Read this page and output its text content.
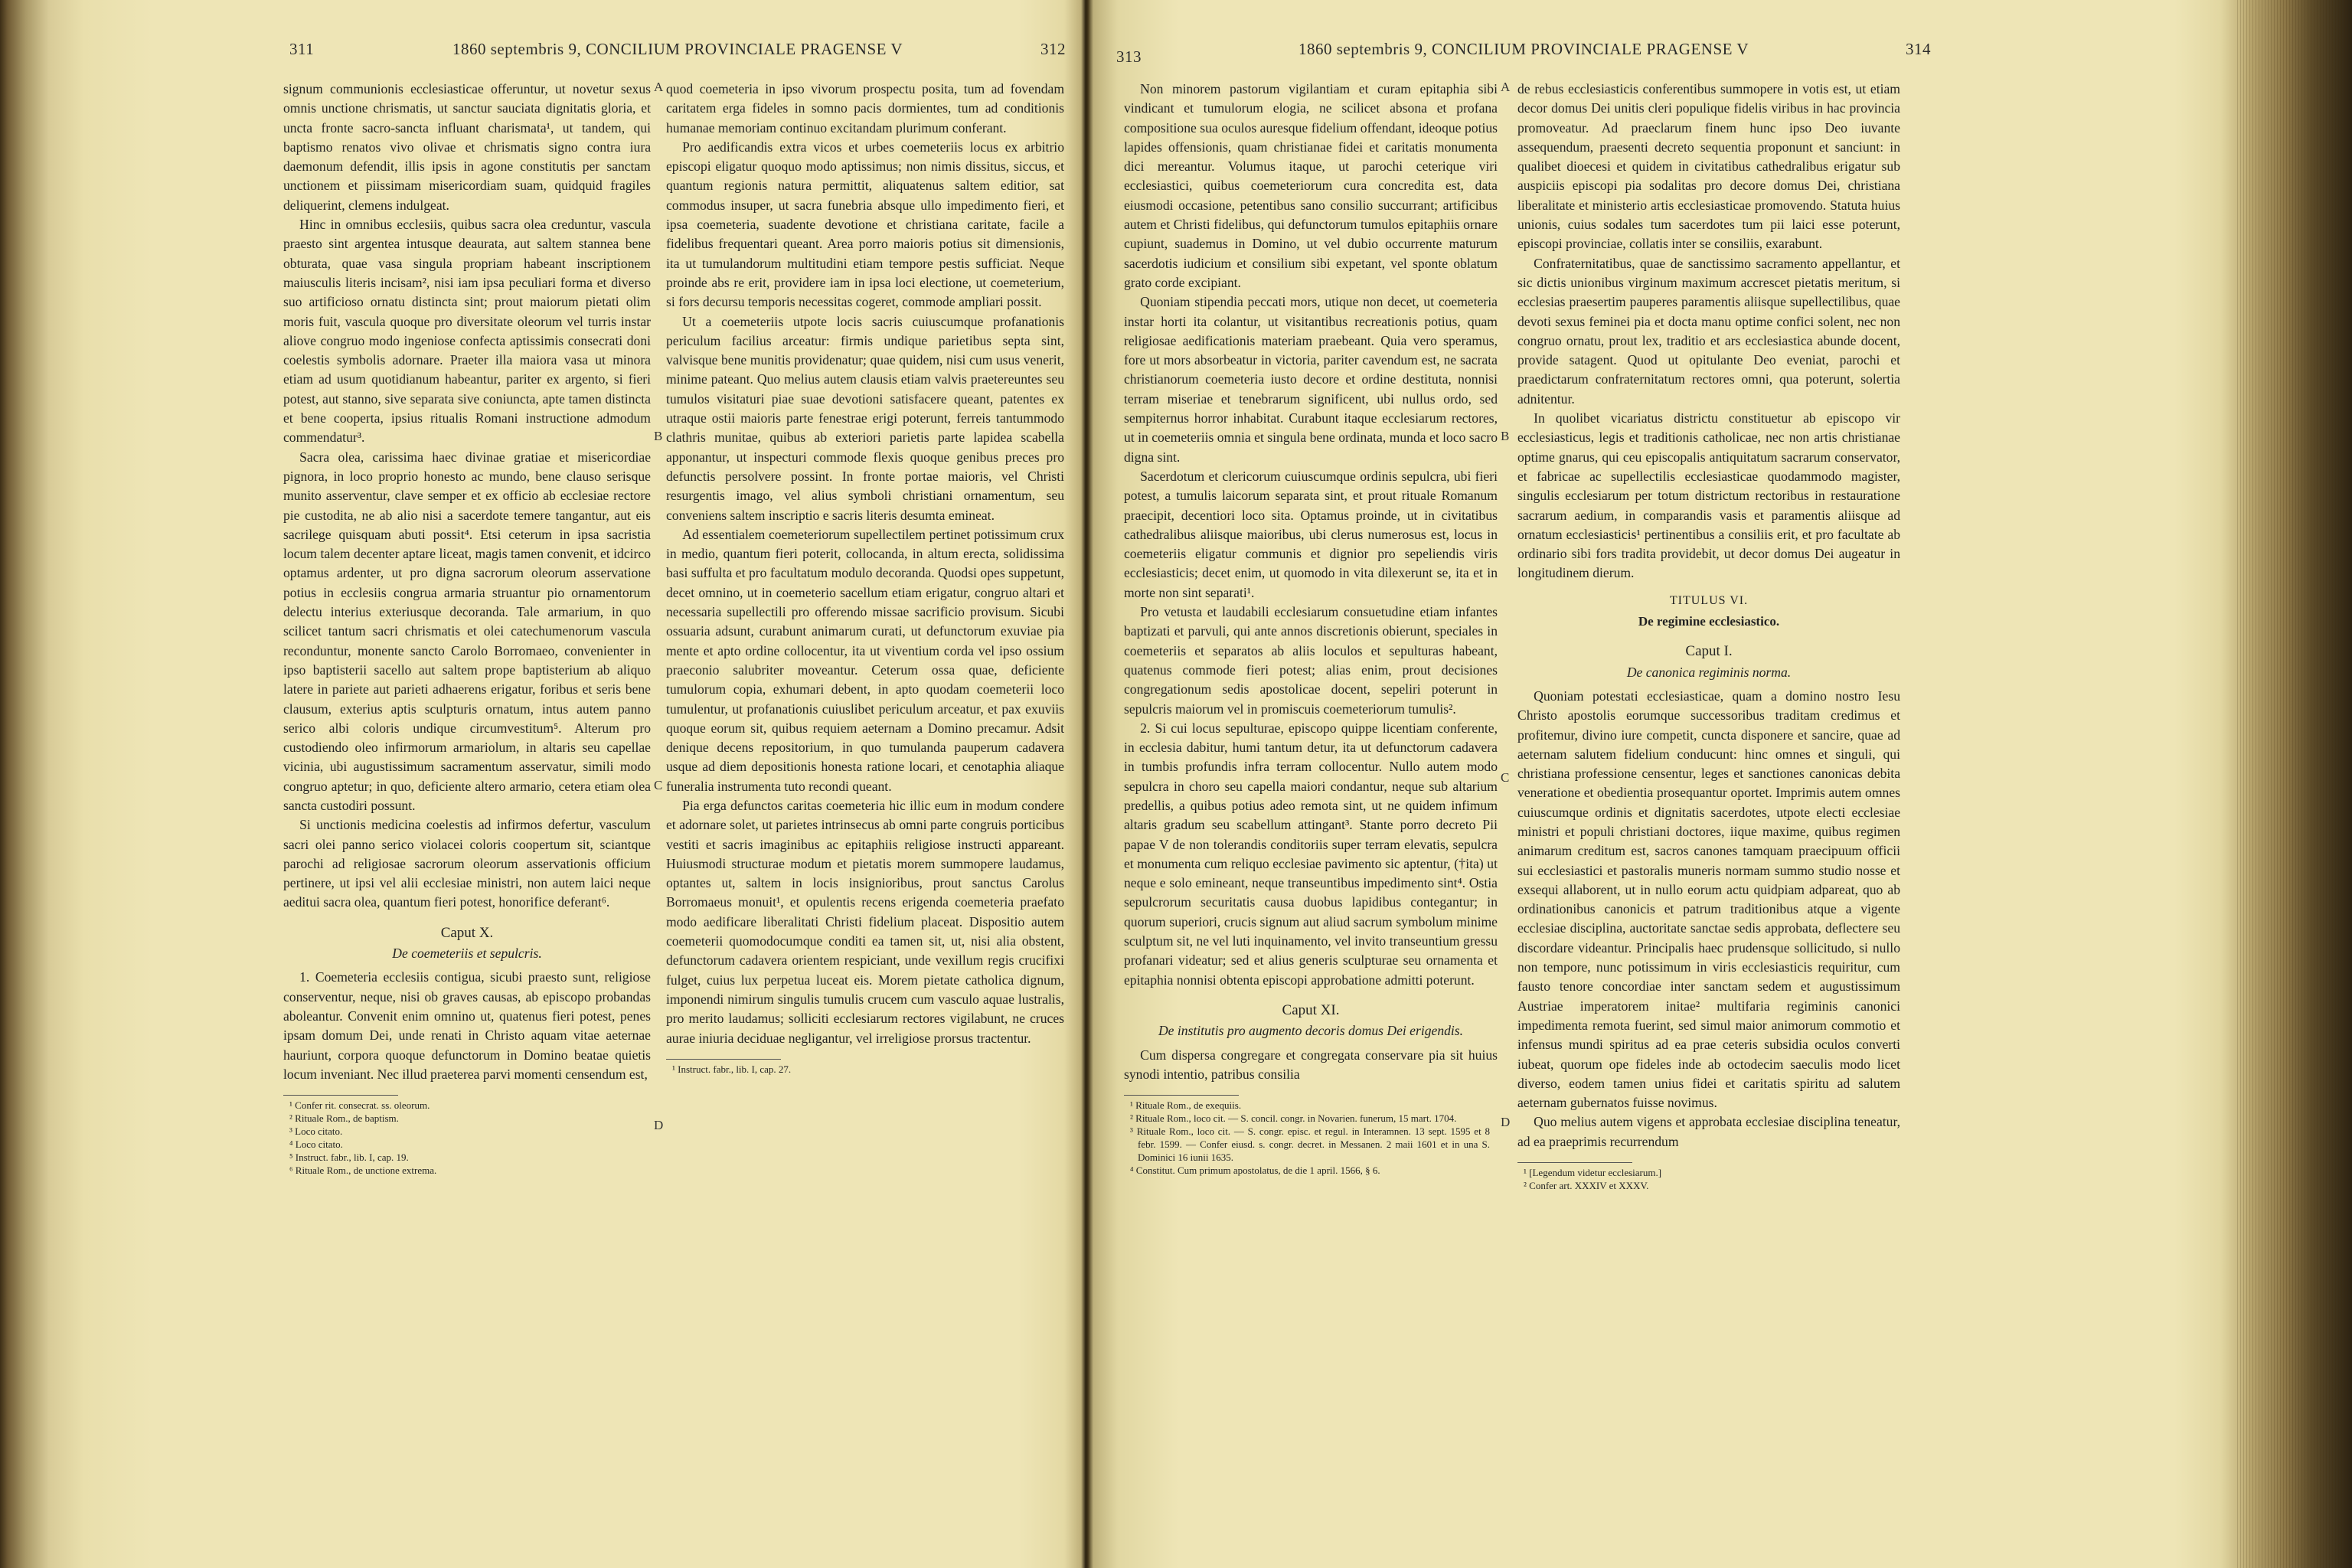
311	1860 septembris 9, CONCILIUM PROVINCIALE PRAGENSE V	312

signum communionis ecclesiasticae offeruntur, ut novetur sexus omnis unctione chrismatis, ut sanctur sauciata dignitatis gloria, et uncta fronte sacro-sancta influant charismata¹, ut tandem, qui baptismo renatos vivo olivae et chrismatis signo contra iura daemonum defendit, illis ipsis in agone constitutis per sanctam unctionem et piissimam misericordiam suam, quidquid fragiles deliquerint, clemens indulgeat.

Hinc in omnibus ecclesiis, quibus sacra olea creduntur, vascula praesto sint argentea intusque deaurata, aut saltem stannea bene obturata, quae vasa singula propriam habeant inscriptionem maiusculis literis incisam², nisi iam ipsa peculiari forma et diverso suo artificioso ornatu distincta sint; prout maiorum pietati olim moris fuit, vascula quoque pro diversitate oleorum vel turris instar aliove congruo modo ingeniose confecta aptissimis consecrati doni coelestis symbolis adornare. Praeter illa maiora vasa ut minora etiam ad usum quotidianum habeantur, pariter ex argento, si fieri potest, aut stanno, sive separata sive coniuncta, apte tamen distincta et bene cooperta, ipsius ritualis Romani instructione admodum commendatur³.

Sacra olea, carissima haec divinae gratiae et misericordiae pignora, in loco proprio honesto ac mundo, bene clauso serisque munito asserventur, clave semper et ex officio ab ecclesiae rectore pie custodita, ne ab alio nisi a sacerdote temere tangantur, aut eis sacrilege quisquam abuti possit⁴. Etsi ceterum in ipsa sacristia locum talem decenter aptare liceat, magis tamen convenit, et idcirco optamus ardenter, ut pro digna sacrorum oleorum asservatione potius in ecclesiis congrua armaria struantur pio ornamentorum delectu interius exteriusque decoranda. Tale armarium, in quo scilicet tantum sacri chrismatis et olei catechumenorum vascula reconduntur, monente sancto Carolo Borromaeo, convenienter in ipso baptisterii sacello aut saltem prope baptisterium ab aliquo latere in pariete aut parieti adhaerens erigatur, foribus et seris bene clausum, exterius aptis sculpturis ornatum, intus autem panno serico albi coloris undique circumvestitum⁵. Alterum pro custodiendo oleo infirmorum armariolum, in altaris seu capellae vicinia, ubi augustissimum sacramentum asservatur, simili modo congruo aptetur; in quo, deficiente altero armario, cetera etiam olea sancta custodiri possunt.

Si unctionis medicina coelestis ad infirmos defertur, vasculum sacri olei panno serico violacei coloris coopertum sit, sciantque parochi ad religiosae sacrorum oleorum asservationis officium pertinere, ut ipsi vel alii ecclesiae ministri, non autem laici neque aeditui sacra olea, quantum fieri potest, honorifice deferant⁶.

Caput X.
De coemeteriis et sepulcris.

1. Coemeteria ecclesiis contigua, sicubi praesto sunt, religiose conserventur, neque, nisi ob graves causas, ab episcopo probandas aboleantur. Convenit enim omnino ut, quatenus fieri potest, penes ipsam domum Dei, unde renati in Christo aquam vitae aeternae hauriunt, corpora quoque defunctorum in Domino beatae quietis locum inveniant. Nec illud praeterea parvi momenti censendum est,

¹ Confer rit. consecrat. ss. oleorum.
² Rituale Rom., de baptism.
³ Loco citato.
⁴ Loco citato.
⁵ Instruct. fabr., lib. I, cap. 19.
⁶ Rituale Rom., de unctione extrema.
A
B
C
D

quod coemeteria in ipso vivorum prospectu posita, tum ad fovendam caritatem erga fideles in somno pacis dormientes, tum ad conditionis humanae memoriam continuo excitandam plurimum conferant.

Pro aedificandis extra vicos et urbes coemeteriis locus ex arbitrio episcopi eligatur quoquo modo aptissimus; non nimis dissitus, siccus, et quantum regionis natura permittit, aliquatenus saltem editior, sat commodus insuper, ut sacra funebria absque ullo impedimento fieri, et ipsa coemeteria, suadente devotione et christiana caritate, facile a fidelibus frequentari queant. Area porro maioris potius sit dimensionis, ita ut tumulandorum multitudini etiam tempore pestis sufficiat. Neque proinde abs re erit, providere iam in ipsa loci electione, ut coemeterium, si fors decursu temporis necessitas cogeret, commode ampliari possit.

Ut a coemeteriis utpote locis sacris cuiuscumque profanationis periculum facilius arceatur: firmis undique parietibus septa sint, valvisque bene munitis providenatur; quae quidem, nisi cum usus venerit, minime pateant. Quo melius autem clausis etiam valvis praetereuntes seu tumulos visitaturi piae suae devotioni satisfacere queant, patentes ex utraque ostii maioris parte fenestrae erigi poterunt, ferreis tantummodo clathris munitae, quibus ab exteriori parietis parte lapidea scabella apponantur, ut inspecturi commode flexis quoque genibus preces pro defunctis persolvere possint. In fronte portae maioris, vel Christi resurgentis imago, vel alius symboli christiani ornamentum, seu conveniens saltem inscriptio e sacris literis desumta emineat.

Ad essentialem coemeteriorum supellectilem pertinet potissimum crux in medio, quantum fieri poterit, collocanda, in altum erecta, solidissima basi suffulta et pro facultatum modulo decoranda. Quodsi opes suppetunt, decet omnino, ut in coemeterio sacellum etiam erigatur, congruo altari et necessaria supellectili pro offerendo missae sacrificio provisum. Sicubi ossuaria adsunt, curabunt animarum curati, ut defunctorum exuviae pia mente et apto ordine collocentur, ita ut viventium corda vel ipso ossium praeconio salubriter moveantur. Ceterum ossa quae, deficiente tumulorum copia, exhumari debent, in apto quodam coemeterii loco tumulentur, ut profanationis cuiuslibet periculum arceatur, et pax exuviis quoque eorum sit, quibus requiem aeternam a Domino precamur. Adsit denique decens repositorium, in quo tumulanda pauperum cadavera usque ad diem depositionis honesta ratione locari, et cenotaphia aliaque funeralia instrumenta tuto recondi queant.

Pia erga defunctos caritas coemeteria hic illic eum in modum condere et adornare solet, ut parietes intrinsecus ab omni parte congruis porticibus vestiti et sacris imaginibus ac epitaphiis religiose instructi appareant. Huiusmodi structurae modum et pietatis morem summopere laudamus, optantes ut, saltem in locis insignioribus, prout sanctus Carolus Borromaeus monuit¹, et opulentis recens erigenda coemeteria praefato modo aedificare liberalitati Christi fidelium placeat. Dispositio autem coemeterii quomodocumque conditi ea tamen sit, ut, nisi alia obstent, defunctorum cadavera orientem respiciant, unde vexillum regis crucifixi fulget, cuius lux perpetua luceat eis. Morem pietate catholica dignum, imponendi nimirum singulis tumulis crucem cum vasculo aquae lustralis, pro merito laudamus; solliciti ecclesiarum rectores vigilabunt, ne cruces aurae iniuria deciduae negligantur, vel irreligiose prorsus tractentur.

¹ Instruct. fabr., lib. I, cap. 27.
313	1860 septembris 9, CONCILIUM PROVINCIALE PRAGENSE V	314

Non minorem pastorum vigilantiam et curam epitaphia sibi vindicant et tumulorum elogia, ne scilicet absona et profana compositione sua oculos auresque fidelium offendant, ideoque potius lapides offensionis, quam christianae fidei et caritatis monumenta dici mereantur. Volumus itaque, ut parochi ceterique viri ecclesiastici, quibus coemeteriorum cura concredita est, data eiusmodi occasione, petentibus sano consilio succurrant; artificibus autem et Christi fidelibus, qui defunctorum tumulos epitaphiis ornare cupiunt, suademus in Domino, ut vel dubio occurrente maturum sacerdotis iudicium et consilium sibi expetant, vel sponte oblatum grato corde excipiant.

Quoniam stipendia peccati mors, utique non decet, ut coemeteria instar horti ita colantur, ut visitantibus recreationis potius, quam religiosae aedificationis materiam praebeant. Quia vero speramus, fore ut mors absorbeatur in victoria, pariter cavendum est, ne sacrata christianorum coemeteria iusto decore et ordine destituta, nonnisi terram miseriae et tenebrarum significent, ubi nullus ordo, sed sempiternus horror inhabitat. Curabunt itaque ecclesiarum rectores, ut in coemeteriis omnia et singula bene ordinata, munda et loco sacro digna sint.

Sacerdotum et clericorum cuiuscumque ordinis sepulcra, ubi fieri potest, a tumulis laicorum separata sint, et prout rituale Romanum praecipit, decentiori loco sita. Optamus proinde, ut in civitatibus cathedralibus aliisque maioribus, ubi clerus numerosus est, locus in coemeteriis eligatur communis et dignior pro sepeliendis viris ecclesiasticis; decet enim, ut quomodo in vita dilexerunt se, ita et in morte non sint separati¹.

Pro vetusta et laudabili ecclesiarum consuetudine etiam infantes baptizati et parvuli, qui ante annos discretionis obierunt, speciales in coemeteriis et separatos ab aliis loculos et sepulturas habeant, quatenus commode fieri potest; alias enim, prout decisiones congregationum sedis apostolicae docent, sepeliri poterunt in sepulcris maiorum vel in promiscuis coemeteriorum tumulis².

2. Si cui locus sepulturae, episcopo quippe licentiam conferente, in ecclesia dabitur, humi tantum detur, ita ut defunctorum cadavera in tumbis profundis infra terram collocentur. Nullo autem modo sepulcra in choro seu capella maiori condantur, neque sub altarium predellis, a quibus potius adeo remota sint, ut ne quidem infimum altaris gradum seu scabellum attingant³. Stante porro decreto Pii papae V de non tolerandis conditoriis super terram elevatis, sepulcra et monumenta cum reliquo ecclesiae pavimento sic aptentur, (†ita) ut neque e solo emineant, neque transeuntibus impedimento sint⁴. Ostia sepulcrorum securitatis causa duobus lapidibus contegantur; in quorum superiori, crucis signum aut aliud sacrum symbolum minime sculptum sit, ne vel luti inquinamento, vel invito transeuntium gressu profanari videatur; sed et alius generis sculpturae seu ornamenta et epitaphia nonnisi obtenta episcopi approbatione admitti poterunt.

Caput XI.
De institutis pro augmento decoris domus Dei erigendis.

Cum dispersa congregare et congregata conservare pia sit huius synodi intentio, patribus consilia

¹ Rituale Rom., de exequiis.
² Rituale Rom., loco cit. — S. concil. congr. in Novarien. funerum, 15 mart. 1704.
³ Rituale Rom., loco cit. — S. congr. episc. et regul. in Interamnen. 13 sept. 1595 et 8 febr. 1599. — Confer eiusd. s. congr. decret. in Messanen. 2 maii 1601 et in una S. Dominici 16 iunii 1635.
⁴ Constitut. Cum primum apostolatus, de die 1 april. 1566, § 6.
A
B
C
D

de rebus ecclesiasticis conferentibus summopere in votis est, ut etiam decor domus Dei unitis cleri populique fidelis viribus in hac provincia promoveatur. Ad praeclarum finem hunc ipso Deo iuvante assequendum, praesenti decreto sequentia proponunt et sanciunt: in qualibet dioecesi et quidem in civitatibus cathedralibus erigatur sub auspiciis episcopi pia sodalitas pro decore domus Dei, christiana liberalitate et ministerio artis ecclesiasticae promovendo. Statuta huius unionis, cuius sodales tum sacerdotes tum pii laici esse poterunt, episcopi provinciae, collatis inter se consiliis, exarabunt.

Confraternitatibus, quae de sanctissimo sacramento appellantur, et sic dictis unionibus virginum maximum accrescet pietatis meritum, si ecclesias praesertim pauperes paramentis aliisque supellectilibus, quae devoti sexus feminei pia et docta manu optime confici solent, nec non congruo ornatu, prout lex, traditio et ars ecclesiastica abunde docent, provide satagent. Quod ut opitulante Deo eveniat, parochi et praedictarum confraternitatum rectores omni, qua poterunt, solertia adnitentur.

In quolibet vicariatus districtu constituetur ab episcopo vir ecclesiasticus, legis et traditionis catholicae, nec non artis christianae optime gnarus, qui ceu episcopalis antiquitatum sacrarum conservator, et fabricae ac supellectilis ecclesiasticae quodammodo magister, singulis ecclesiarum per totum districtum rectoribus in restauratione sacrarum aedium, in comparandis vasis et paramentis aliisque ad ornatum ecclesiasticis¹ pertinentibus a consiliis erit, et pro facultate ab ordinario sibi fors tradita providebit, ut decor domus Dei augeatur in longitudinem dierum.

TITULUS VI.
De regimine ecclesiastico.
Caput I.
De canonica regiminis norma.

Quoniam potestati ecclesiasticae, quam a domino nostro Iesu Christo apostolis eorumque successoribus traditam credimus et profitemur, divino iure competit, cuncta disponere et sancire, quae ad aeternam salutem fidelium conducunt: hinc omnes et singuli, qui christiana professione censentur, leges et sanctiones canonicas debita veneratione et obedientia prosequantur oportet. Imprimis autem omnes cuiuscumque ordinis et dignitatis sacerdotes, utpote electi ecclesiae ministri et populi christiani doctores, iique maxime, quibus regimen animarum creditum est, sacros canones tamquam praecipuum officii sui ecclesiastici et pastoralis muneris normam summo studio nosse et exsequi allaborent, ut in nullo eorum actu quidpiam adpareat, quo ab ordinationibus canonicis et patrum traditionibus atque a vigente ecclesiae disciplina, auctoritate sanctae sedis approbata, deflectere seu discordare videantur. Principalis haec prudensque sollicitudo, si nullo non tempore, nunc potissimum in viris ecclesiasticis requiritur, cum fausto tenore concordiae inter sanctam sedem et augustissimum Austriae imperatorem initae² multifaria regiminis canonici impedimenta remota fuerint, sed simul maior animorum commotio et infensus mundi spiritus ad ea prae ceteris subsidia oculos converti iubeat, quorum ope fideles inde ab octodecim saeculis modo licet diverso, eodem tamen unius fidei et caritatis spiritu ad salutem aeternam gubernatos fuisse novimus.

Quo melius autem vigens et approbata ecclesiae disciplina teneatur, ad ea praeprimis recurrendum

¹ [Legendum videtur ecclesiarum.]
² Confer art. XXXIV et XXXV.
